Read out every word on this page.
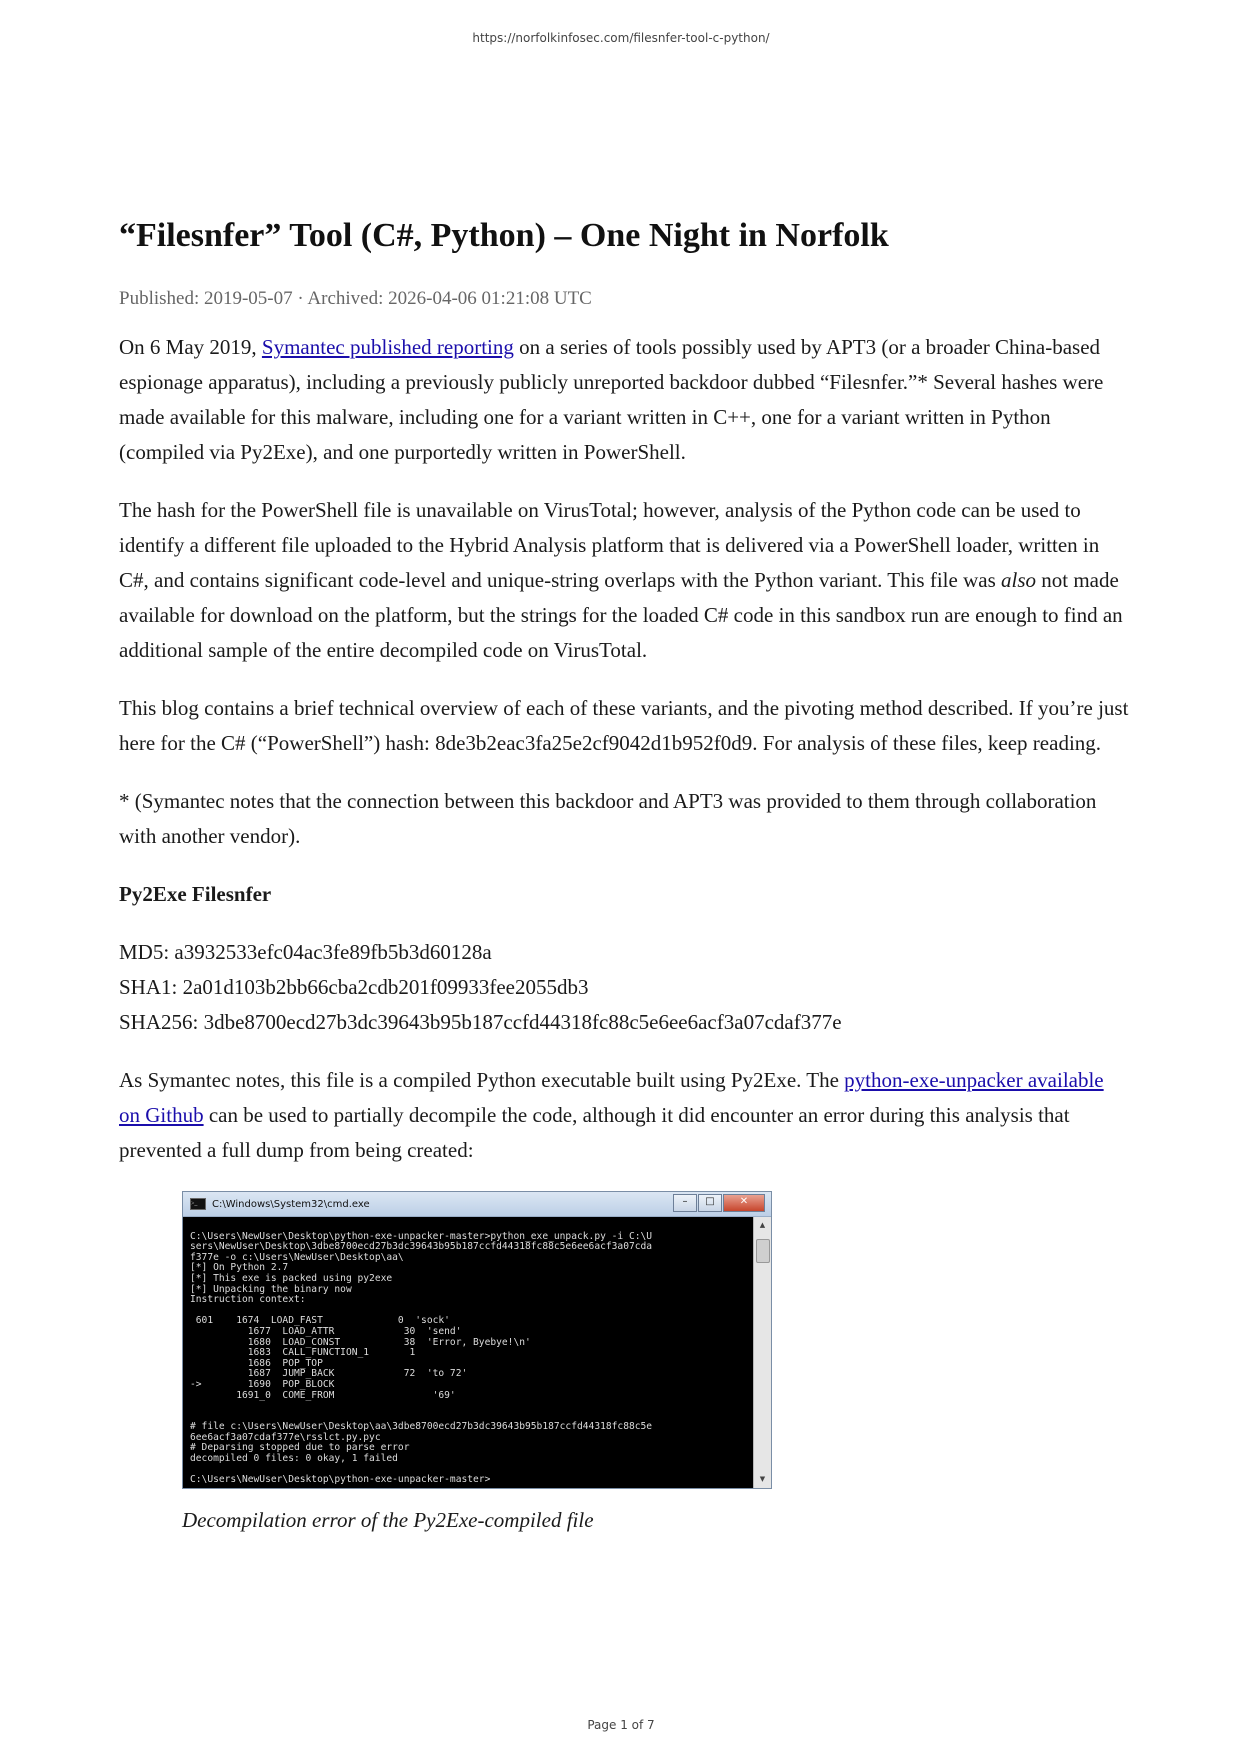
https://norfolkinfosec.com/filesnfer-tool-c-python/
“Filesnfer” Tool (C#, Python) – One Night in Norfolk
Published: 2019-05-07 · Archived: 2026-04-06 01:21:08 UTC

On 6 May 2019, Symantec published reporting on a series of tools possibly used by APT3 (or a broader China-based espionage apparatus), including a previously publicly unreported backdoor dubbed “Filesnfer.”* Several hashes were made available for this malware, including one for a variant written in C++, one for a variant written in Python (compiled via Py2Exe), and one purportedly written in PowerShell.

The hash for the PowerShell file is unavailable on VirusTotal; however, analysis of the Python code can be used to identify a different file uploaded to the Hybrid Analysis platform that is delivered via a PowerShell loader, written in C#, and contains significant code-level and unique-string overlaps with the Python variant. This file was also not made available for download on the platform, but the strings for the loaded C# code in this sandbox run are enough to find an additional sample of the entire decompiled code on VirusTotal.

This blog contains a brief technical overview of each of these variants, and the pivoting method described. If you’re just here for the C# (“PowerShell”) hash: 8de3b2eac3fa25e2cf9042d1b952f0d9. For analysis of these files, keep reading.

* (Symantec notes that the connection between this backdoor and APT3 was provided to them through collaboration with another vendor).

Py2Exe Filesnfer

MD5: a3932533efc04ac3fe89fb5b3d60128a

SHA1: 2a01d103b2bb66cba2cdb201f09933fee2055db3

SHA256: 3dbe8700ecd27b3dc39643b95b187ccfd44318fc88c5e6ee6acf3a07cdaf377e

As Symantec notes, this file is a compiled Python executable built using Py2Exe. The python-exe-unpacker available on Github can be used to partially decompile the code, although it did encounter an error during this analysis that prevented a full dump from being created:

>_	C:\Windows\System32\cmd.exe	–	□	✕

C:\Users\NewUser\Desktop\python-exe-unpacker-master>python_exe_unpack.py -i C:\U
sers\NewUser\Desktop\3dbe8700ecd27b3dc39643b95b187ccfd44318fc88c5e6ee6acf3a07cda
f377e -o c:\Users\NewUser\Desktop\aa\
[*] On Python 2.7
[*] This exe is packed using py2exe
[*] Unpacking the binary now
Instruction context:

601    1674  LOAD_FAST             0  'sock'
1677  LOAD_ATTR            30  'send'
1680  LOAD_CONST           38  'Error, Byebye!\n'
1683  CALL_FUNCTION_1       1
1686  POP_TOP
1687  JUMP_BACK            72  'to 72'
->        1690  POP_BLOCK
1691_0  COME_FROM                 '69'

# file c:\Users\NewUser\Desktop\aa\3dbe8700ecd27b3dc39643b95b187ccfd44318fc88c5e
6ee6acf3a07cdaf377e\rsslct.py.pyc
# Deparsing stopped due to parse error
decompiled 0 files: 0 okay, 1 failed

C:\Users\NewUser\Desktop\python-exe-unpacker-master>
▲
▼
Decompilation error of the Py2Exe-compiled file
Page 1 of 7
